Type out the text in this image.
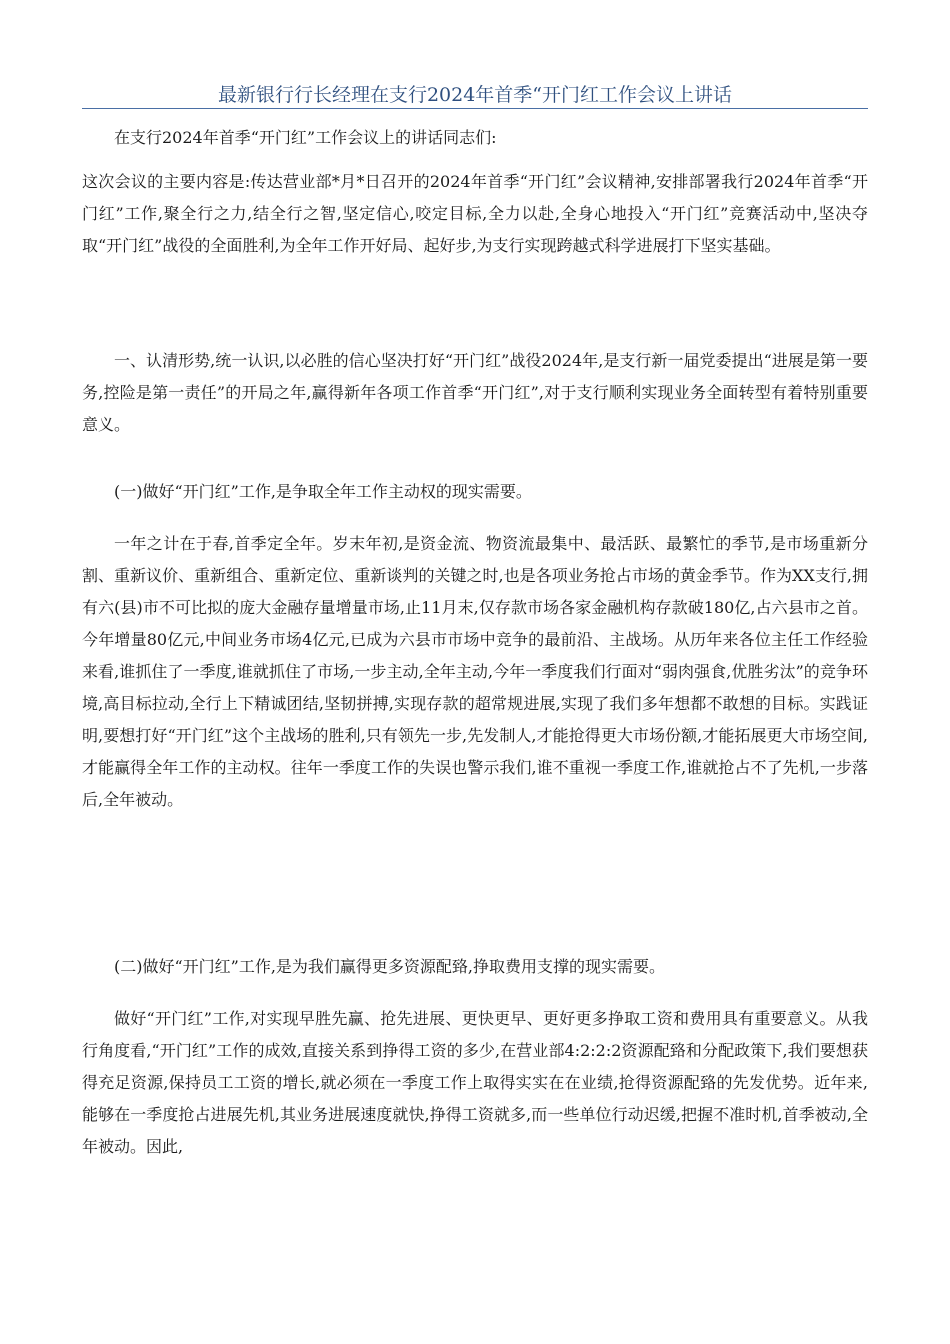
最新银行行长经理在支行2024年首季“开门红工作会议上讲话

在支行2024年首季“开门红”工作会议上的讲话同志们:

这次会议的主要内容是:传达营业部*月*日召开的2024年首季“开门红”会议精神,安排部署我行2024年首季“开门红”工作,聚全行之力,结全行之智,坚定信心,咬定目标,全力以赴,全身心地投入“开门红”竞赛活动中,坚决夺取“开门红”战役的全面胜利,为全年工作开好局、起好步,为支行实现跨越式科学进展打下坚实基础。

一、认清形势,统一认识,以必胜的信心坚决打好“开门红”战役2024年,是支行新一届党委提出“进展是第一要务,控险是第一责任”的开局之年,赢得新年各项工作首季“开门红”,对于支行顺利实现业务全面转型有着特别重要意义。

(一)做好“开门红”工作,是争取全年工作主动权的现实需要。

一年之计在于春,首季定全年。岁末年初,是资金流、物资流最集中、最活跃、最繁忙的季节,是市场重新分割、重新议价、重新组合、重新定位、重新谈判的关键之时,也是各项业务抢占市场的黄金季节。作为XX支行,拥有六(县)市不可比拟的庞大金融存量增量市场,止11月末,仅存款市场各家金融机构存款破180亿,占六县市之首。今年增量80亿元,中间业务市场4亿元,已成为六县市市场中竞争的最前沿、主战场。从历年来各位主任工作经验来看,谁抓住了一季度,谁就抓住了市场,一步主动,全年主动,今年一季度我们行面对“弱肉强食,优胜劣汰”的竞争环境,高目标拉动,全行上下精诚团结,坚韧拼搏,实现存款的超常规进展,实现了我们多年想都不敢想的目标。实践证明,要想打好“开门红”这个主战场的胜利,只有领先一步,先发制人,才能抢得更大市场份额,才能拓展更大市场空间,才能赢得全年工作的主动权。往年一季度工作的失误也警示我们,谁不重视一季度工作,谁就抢占不了先机,一步落后,全年被动。

(二)做好“开门红”工作,是为我们赢得更多资源配臵,挣取费用支撑的现实需要。

做好“开门红”工作,对实现早胜先赢、抢先进展、更快更早、更好更多挣取工资和费用具有重要意义。从我行角度看,“开门红”工作的成效,直接关系到挣得工资的多少,在营业部4:2:2:2资源配臵和分配政策下,我们要想获得充足资源,保持员工工资的增长,就必须在一季度工作上取得实实在在业绩,抢得资源配臵的先发优势。近年来,能够在一季度抢占进展先机,其业务进展速度就快,挣得工资就多,而一些单位行动迟缓,把握不准时机,首季被动,全年被动。因此,
